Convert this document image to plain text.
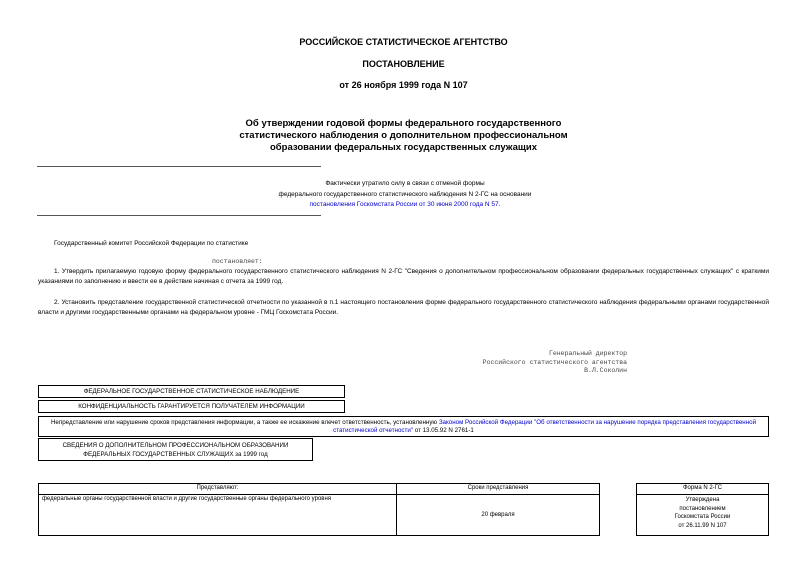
РОССИЙСКОЕ СТАТИСТИЧЕСКОЕ АГЕНТСТВО
ПОСТАНОВЛЕНИЕ
от 26 ноября 1999 года N 107
Об утверждении годовой формы федерального государственного
статистического наблюдения о дополнительном профессиональном
образовании федеральных государственных служащих
Фактически утратило силу в связи с отменой формы
федерального государственного статистического наблюдения N 2-ГС на основании
постановления Госкомстата России от 30 июня 2000 года N 57.
Государственный комитет Российской Федерации по статистике
постановляет:
1. Утвердить прилагаемую годовую форму федерального государственного статистического наблюдения N 2-ГС "Сведения о дополнительном профессиональном образовании федеральных государственных служащих" с краткими указаниями по заполнению и ввести ее в действие начиная с отчета за 1999 год.
2. Установить представление государственной статистической отчетности по указанной в п.1 настоящего постановления форме федерального государственного статистического наблюдения федеральными органами государственной власти и другими государственными органами на федеральном уровне - ГМЦ Госкомстата России.
Генеральный директор
Российского статистического агентства
В.Л.Соколин
ФЕДЕРАЛЬНОЕ ГОСУДАРСТВЕННОЕ СТАТИСТИЧЕСКОЕ НАБЛЮДЕНИЕ
КОНФИДЕНЦИАЛЬНОСТЬ ГАРАНТИРУЕТСЯ ПОЛУЧАТЕЛЕМ ИНФОРМАЦИИ
Непредставление или нарушение сроков представления информации, а также ее искажение влечет ответственность, установленную Законом Российской Федерации "Об ответственности за нарушение порядка представления государственной статистической отчетности" от 13.05.92 N 2761-1
СВЕДЕНИЯ О ДОПОЛНИТЕЛЬНОМ ПРОФЕССИОНАЛЬНОМ ОБРАЗОВАНИИ
ФЕДЕРАЛЬНЫХ ГОСУДАРСТВЕННЫХ СЛУЖАЩИХ за 1999 год
Представляют:	Сроки представления
федеральные органы государственной власти и другие государственные органы федерального уровня	20 февраля
Форма N 2-ГС

Утверждена
постановлением
Госкомстата России
от 26.11.99 N 107
